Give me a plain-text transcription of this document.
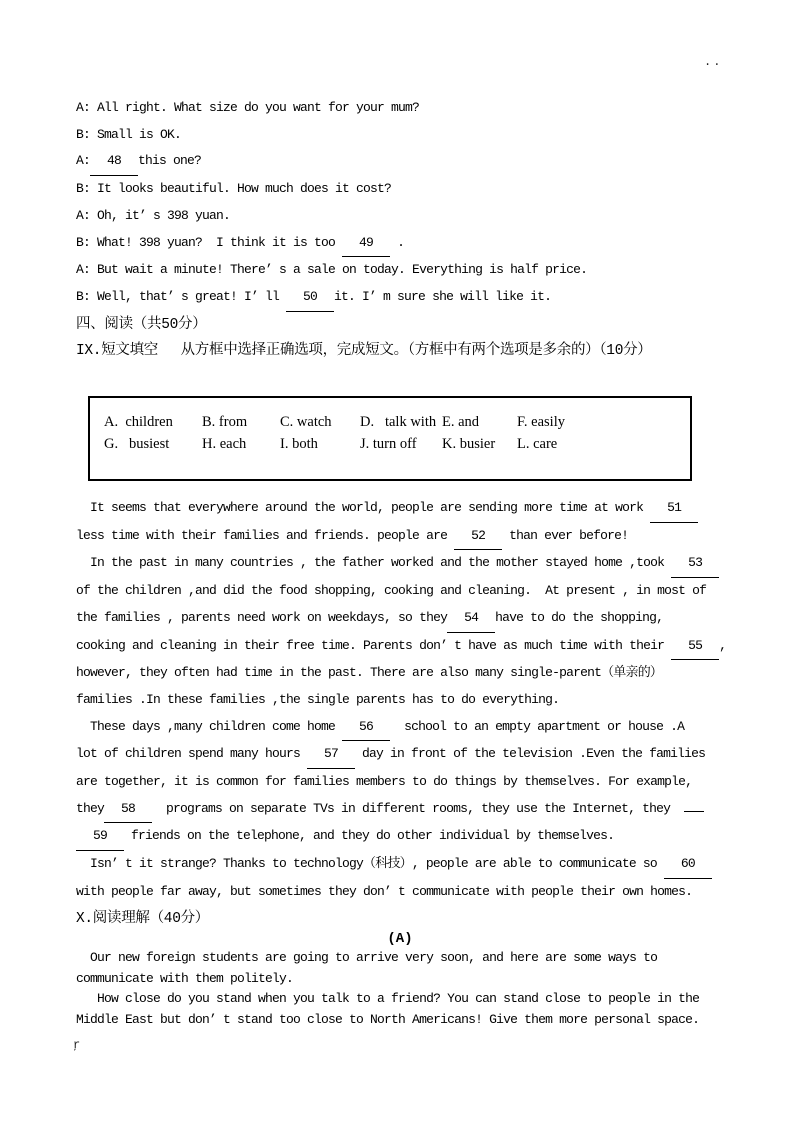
..
ŗ
A: All right. What size do you want for your mum?
B: Small is OK.
A: 48 this one?
B: It looks beautiful. How much does it cost?
A: Oh, it’ s 398 yuan.
B: What! 398 yuan?  I think it is too 49 .
A: But wait a minute! There’ s a sale on today. Everything is half price.
B: Well, that’ s great! I’ ll 50 it. I’ m sure she will like it.
四、阅读（共50分）
IX.短文填空　 从方框中选择正确选项，完成短文。（方框中有两个选项是多余的）（10分）
A.  children	B. from	C. watch	D.   talk with E. and	F. easily
G.   busiest	H. each	I. both	J. turn off	K. busier	L. care
It seems that everywhere around the world, people are sending more time at work 51
less time with their families and friends. people are 52 than ever before!
In the past in many countries , the father worked and the mother stayed home ,took 53
of the children ,and did the food shopping, cooking and cleaning.  At present , in most of
the families , parents need work on weekdays, so they 54 have to do the shopping,
cooking and cleaning in their free time. Parents don’ t have as much time with their 55 ,
however, they often had time in the past. There are also many single-parent（单亲的）
families .In these families ,the single parents has to do everything.
These days ,many children come home 56  school to an empty apartment or house .A
lot of children spend many hours 57 day in front of the television .Even the families
are together, it is common for families members to do things by themselves. For example,
they 58  programs on separate TVs in different rooms, they use the Internet, they
59 friends on the telephone, and they do other individual by themselves.
Isn’ t it strange? Thanks to technology（科技）, people are able to communicate so 60
with people far away, but sometimes they don’ t communicate with people their own homes.
X.阅读理解（40分）
(A)
Our new foreign students are going to arrive very soon, and here are some ways to
communicate with them politely.
How close do you stand when you talk to a friend? You can stand close to people in the
Middle East but don’ t stand too close to North Americans! Give them more personal space.
